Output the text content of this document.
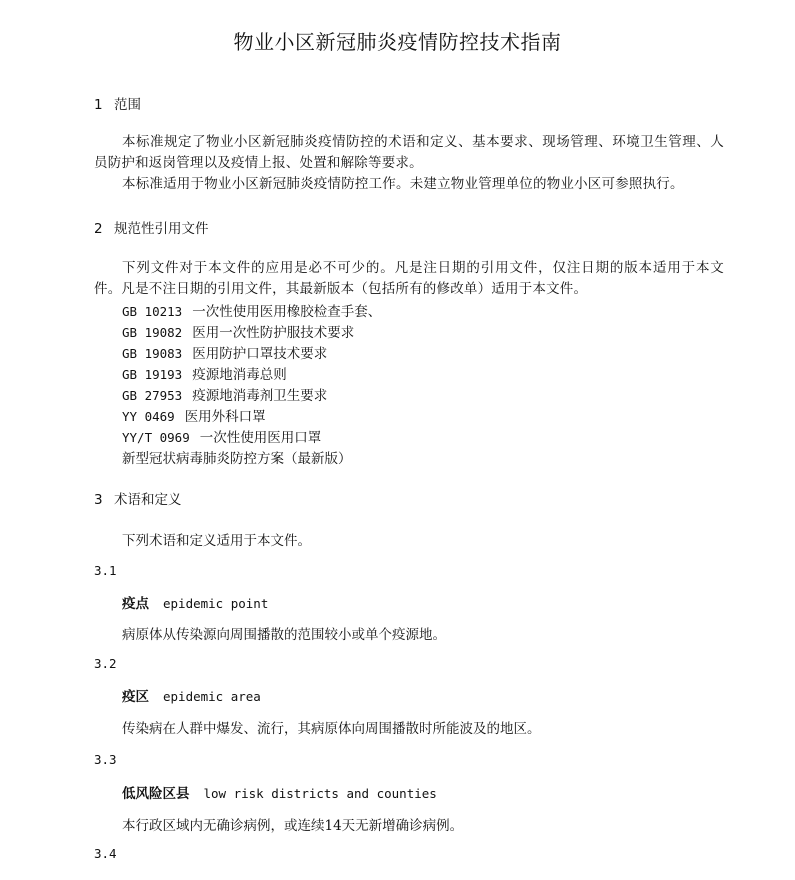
物业小区新冠肺炎疫情防控技术指南
1 范围
本标准规定了物业小区新冠肺炎疫情防控的术语和定义、基本要求、现场管理、环境卫生管理、人员防护和返岗管理以及疫情上报、处置和解除等要求。
本标准适用于物业小区新冠肺炎疫情防控工作。未建立物业管理单位的物业小区可参照执行。
2 规范性引用文件
下列文件对于本文件的应用是必不可少的。凡是注日期的引用文件，仅注日期的版本适用于本文件。凡是不注日期的引用文件，其最新版本（包括所有的修改单）适用于本文件。
GB 10213 一次性使用医用橡胶检查手套、
GB 19082 医用一次性防护服技术要求
GB 19083 医用防护口罩技术要求
GB 19193 疫源地消毒总则
GB 27953 疫源地消毒剂卫生要求
YY 0469 医用外科口罩
YY/T 0969 一次性使用医用口罩
新型冠状病毒肺炎防控方案（最新版）
3 术语和定义
下列术语和定义适用于本文件。
3.1
疫点 epidemic point
病原体从传染源向周围播散的范围较小或单个疫源地。
3.2
疫区 epidemic area
传染病在人群中爆发、流行，其病原体向周围播散时所能波及的地区。
3.3
低风险区县 low risk districts and counties
本行政区域内无确诊病例，或连续14天无新增确诊病例。
3.4
